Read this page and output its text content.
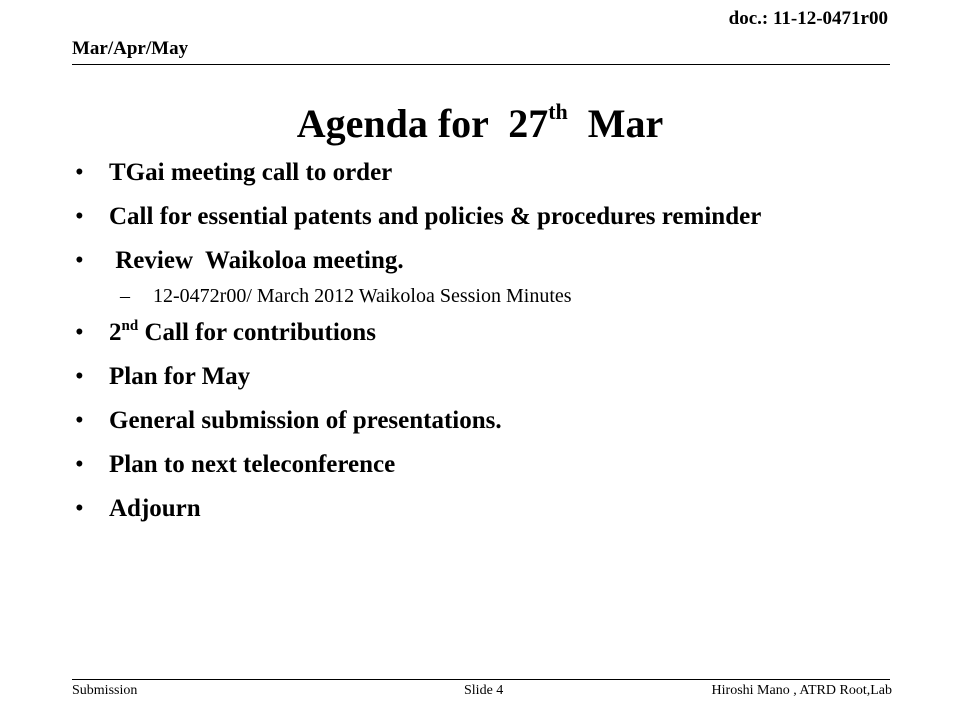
doc.: 11-12-0471r00
Mar/Apr/May
Agenda for  27th  Mar
• TGai meeting call to order
• Call for essential patents and policies & procedures reminder
•  Review  Waikoloa meeting.
– 12-0472r00/ March 2012 Waikoloa Session Minutes
• 2nd Call for contributions
• Plan for May
• General submission of presentations.
• Plan to next teleconference
• Adjourn
Submission	Slide 4	Hiroshi Mano , ATRD Root,Lab
